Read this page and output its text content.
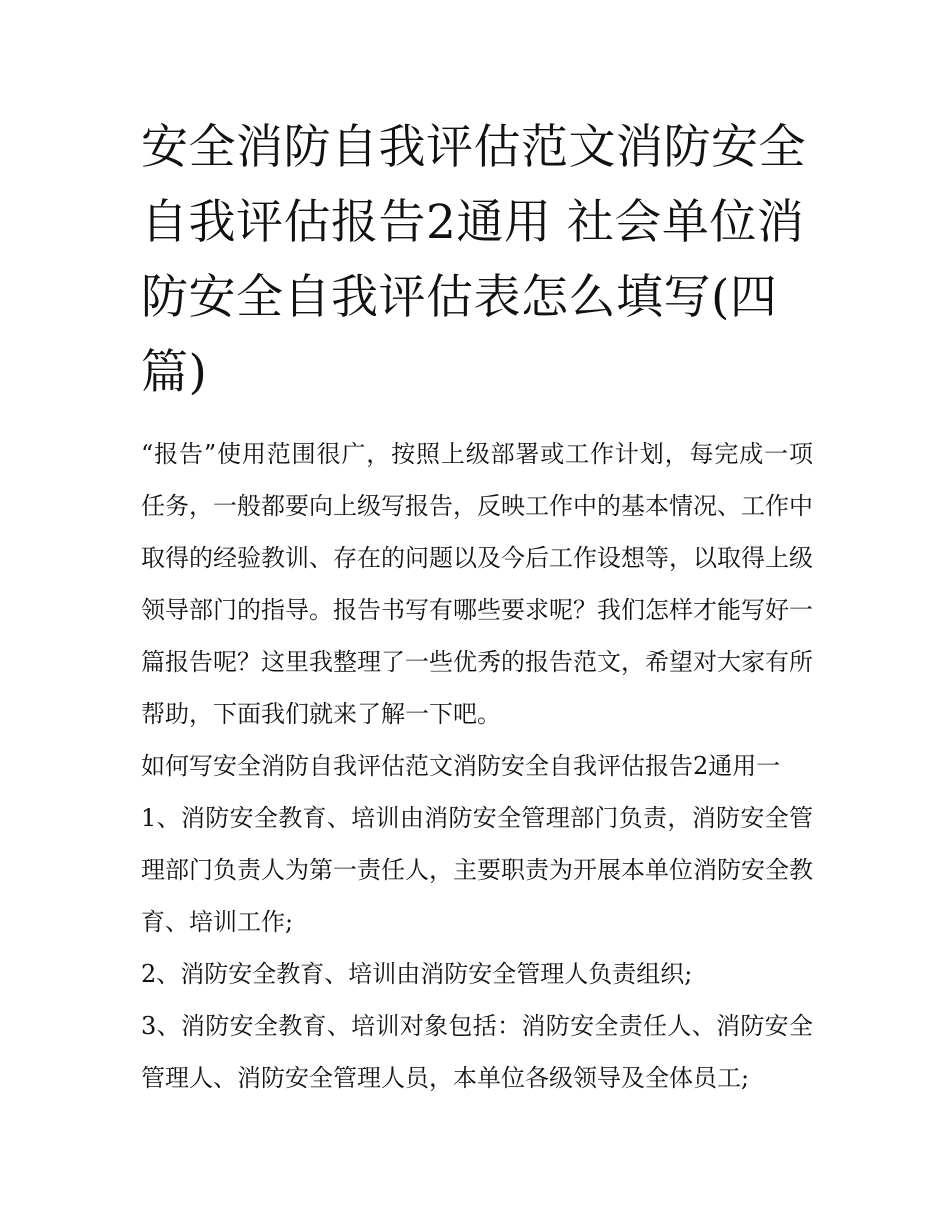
安全消防自我评估范文消防安全自我评估报告2通用 社会单位消防安全自我评估表怎么填写(四篇)

“报告”使用范围很广，按照上级部署或工作计划，每完成一项任务，一般都要向上级写报告，反映工作中的基本情况、工作中取得的经验教训、存在的问题以及今后工作设想等，以取得上级领导部门的指导。报告书写有哪些要求呢？我们怎样才能写好一篇报告呢？这里我整理了一些优秀的报告范文，希望对大家有所帮助，下面我们就来了解一下吧。

如何写安全消防自我评估范文消防安全自我评估报告2通用一

1、消防安全教育、培训由消防安全管理部门负责，消防安全管理部门负责人为第一责任人，主要职责为开展本单位消防安全教育、培训工作;

2、消防安全教育、培训由消防安全管理人负责组织;

3、消防安全教育、培训对象包括：消防安全责任人、消防安全管理人、消防安全管理人员，本单位各级领导及全体员工;
